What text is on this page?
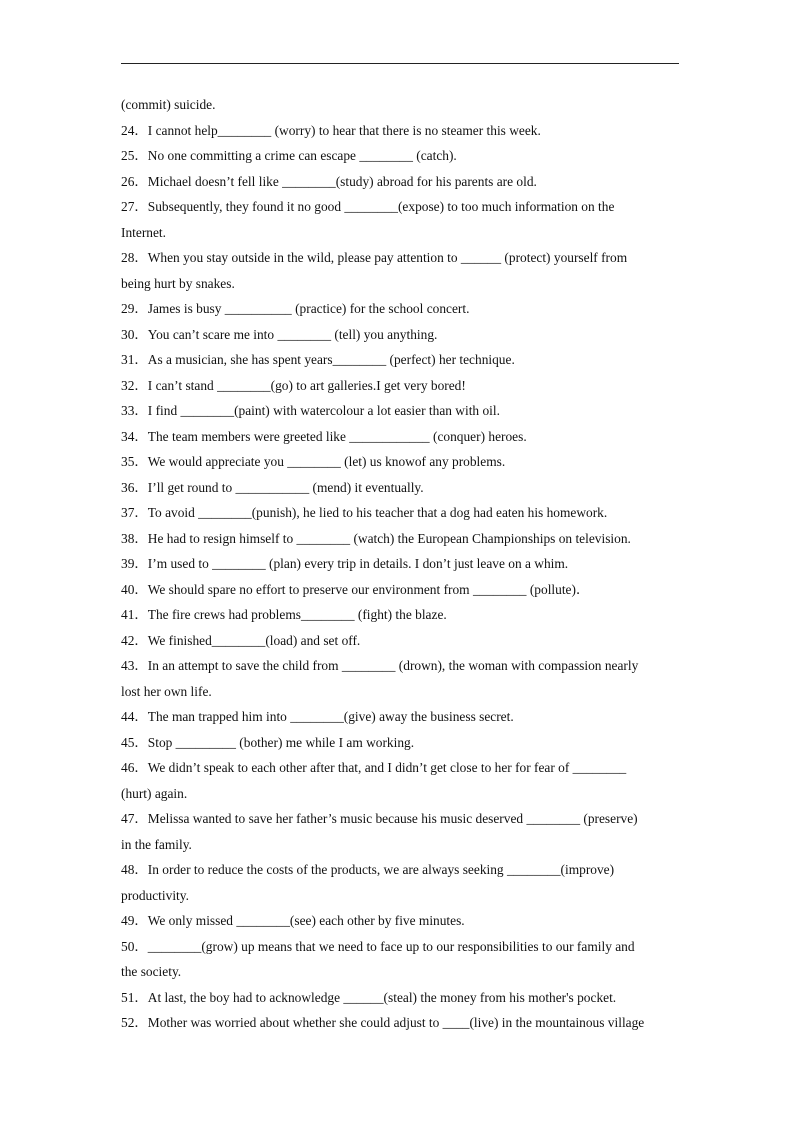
(commit) suicide.
24．I cannot help________ (worry) to hear that there is no steamer this week.
25．No one committing a crime can escape ________ (catch).
26．Michael doesn’t fell like ________(study) abroad for his parents are old.
27．Subsequently, they found it no good ________(expose) to too much information on the
Internet.
28．When you stay outside in the wild, please pay attention to ______ (protect) yourself from
being hurt by snakes.
29．James is busy __________ (practice) for the school concert.
30．You can’t scare me into ________ (tell) you anything.
31．As a musician, she has spent years________ (perfect) her technique.
32．I can’t stand ________(go) to art galleries.I get very bored!
33．I find ________(paint) with watercolour a lot easier than with oil.
34．The team members were greeted like ____________ (conquer) heroes.
35．We would appreciate you ________ (let) us knowof any problems.
36．I’ll get round to ___________ (mend) it eventually.
37．To avoid ________(punish), he lied to his teacher that a dog had eaten his homework.
38．He had to resign himself to ________ (watch) the European Championships on television.
39．I’m used to ________ (plan) every trip in details. I don’t just leave on a whim.
40．We should spare no effort to preserve our environment from ________ (pollute)．
41．The fire crews had problems________ (fight) the blaze.
42．We finished________(load) and set off.
43．In an attempt to save the child from ________ (drown), the woman with compassion nearly
lost her own life.
44．The man trapped him into ________(give) away the business secret.
45．Stop _________ (bother) me while I am working.
46．We didn’t speak to each other after that, and I didn’t get close to her for fear of ________
(hurt) again.
47．Melissa wanted to save her father’s music because his music deserved ________ (preserve)
in the family.
48．In order to reduce the costs of the products, we are always seeking ________(improve)
productivity.
49．We only missed ________(see) each other by five minutes.
50．________(grow) up means that we need to face up to our responsibilities to our family and
the society.
51．At last, the boy had to acknowledge ______(steal) the money from his mother's pocket.
52．Mother was worried about whether she could adjust to ____(live) in the mountainous village
